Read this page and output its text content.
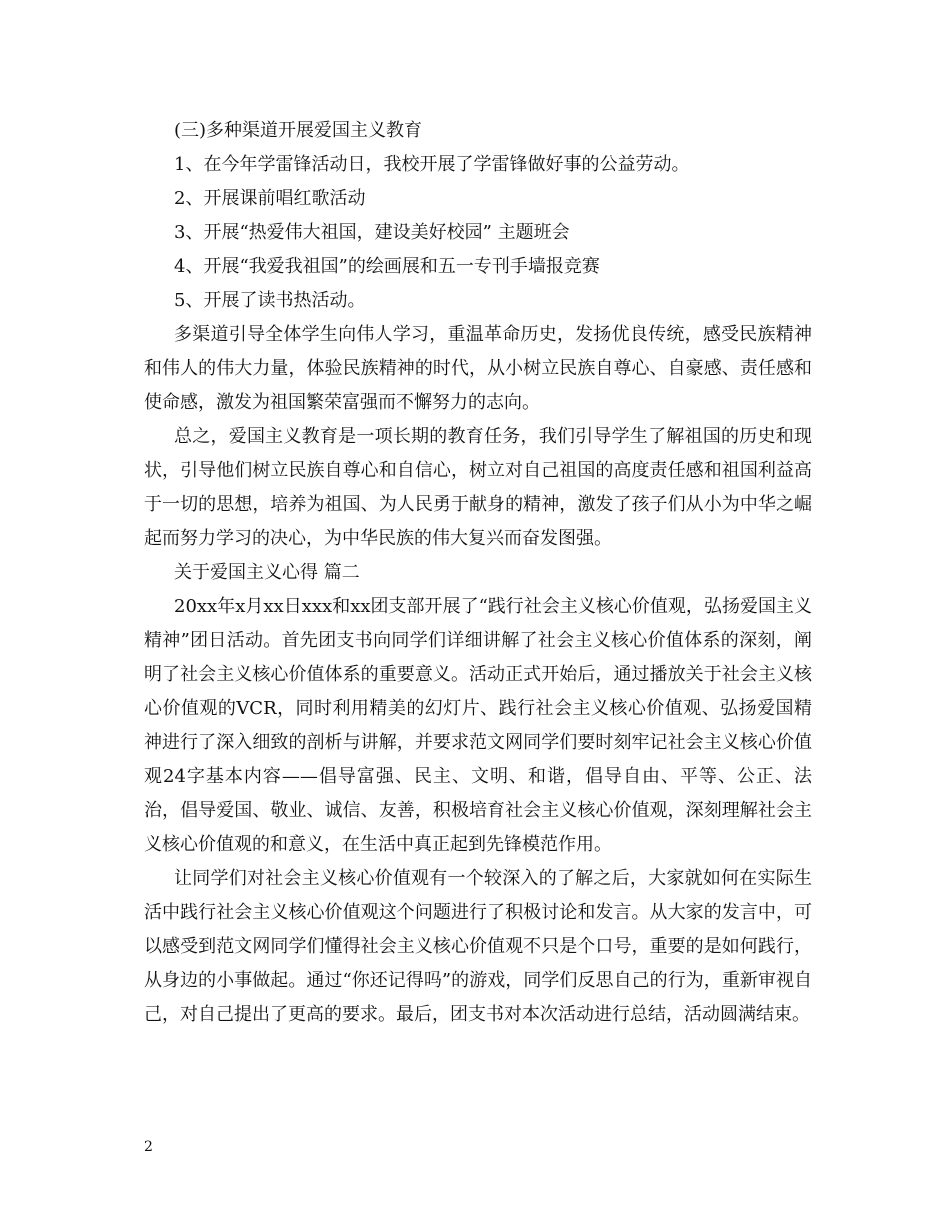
(三)多种渠道开展爱国主义教育

1、在今年学雷锋活动日，我校开展了学雷锋做好事的公益劳动。

2、开展课前唱红歌活动

3、开展“热爱伟大祖国，建设美好校园” 主题班会

4、开展“我爱我祖国”的绘画展和五一专刊手墙报竞赛

5、开展了读书热活动。

多渠道引导全体学生向伟人学习，重温革命历史，发扬优良传统，感受民族精神和伟人的伟大力量，体验民族精神的时代，从小树立民族自尊心、自豪感、责任感和使命感，激发为祖国繁荣富强而不懈努力的志向。

总之，爱国主义教育是一项长期的教育任务，我们引导学生了解祖国的历史和现状，引导他们树立民族自尊心和自信心，树立对自己祖国的高度责任感和祖国利益高于一切的思想，培养为祖国、为人民勇于献身的精神，激发了孩子们从小为中华之崛起而努力学习的决心，为中华民族的伟大复兴而奋发图强。

关于爱国主义心得 篇二

20xx年x月xx日xxx和xx团支部开展了“践行社会主义核心价值观，弘扬爱国主义精神”团日活动。首先团支书向同学们详细讲解了社会主义核心价值体系的深刻，阐明了社会主义核心价值体系的重要意义。活动正式开始后，通过播放关于社会主义核心价值观的VCR，同时利用精美的幻灯片、践行社会主义核心价值观、弘扬爱国精神进行了深入细致的剖析与讲解，并要求范文网同学们要时刻牢记社会主义核心价值观24字基本内容——倡导富强、民主、文明、和谐，倡导自由、平等、公正、法治，倡导爱国、敬业、诚信、友善，积极培育社会主义核心价值观，深刻理解社会主义核心价值观的和意义，在生活中真正起到先锋模范作用。

让同学们对社会主义核心价值观有一个较深入的了解之后，大家就如何在实际生活中践行社会主义核心价值观这个问题进行了积极讨论和发言。从大家的发言中，可以感受到范文网同学们懂得社会主义核心价值观不只是个口号，重要的是如何践行，从身边的小事做起。通过“你还记得吗”的游戏，同学们反思自己的行为，重新审视自己，对自己提出了更高的要求。最后，团支书对本次活动进行总结，活动圆满结束。

2
